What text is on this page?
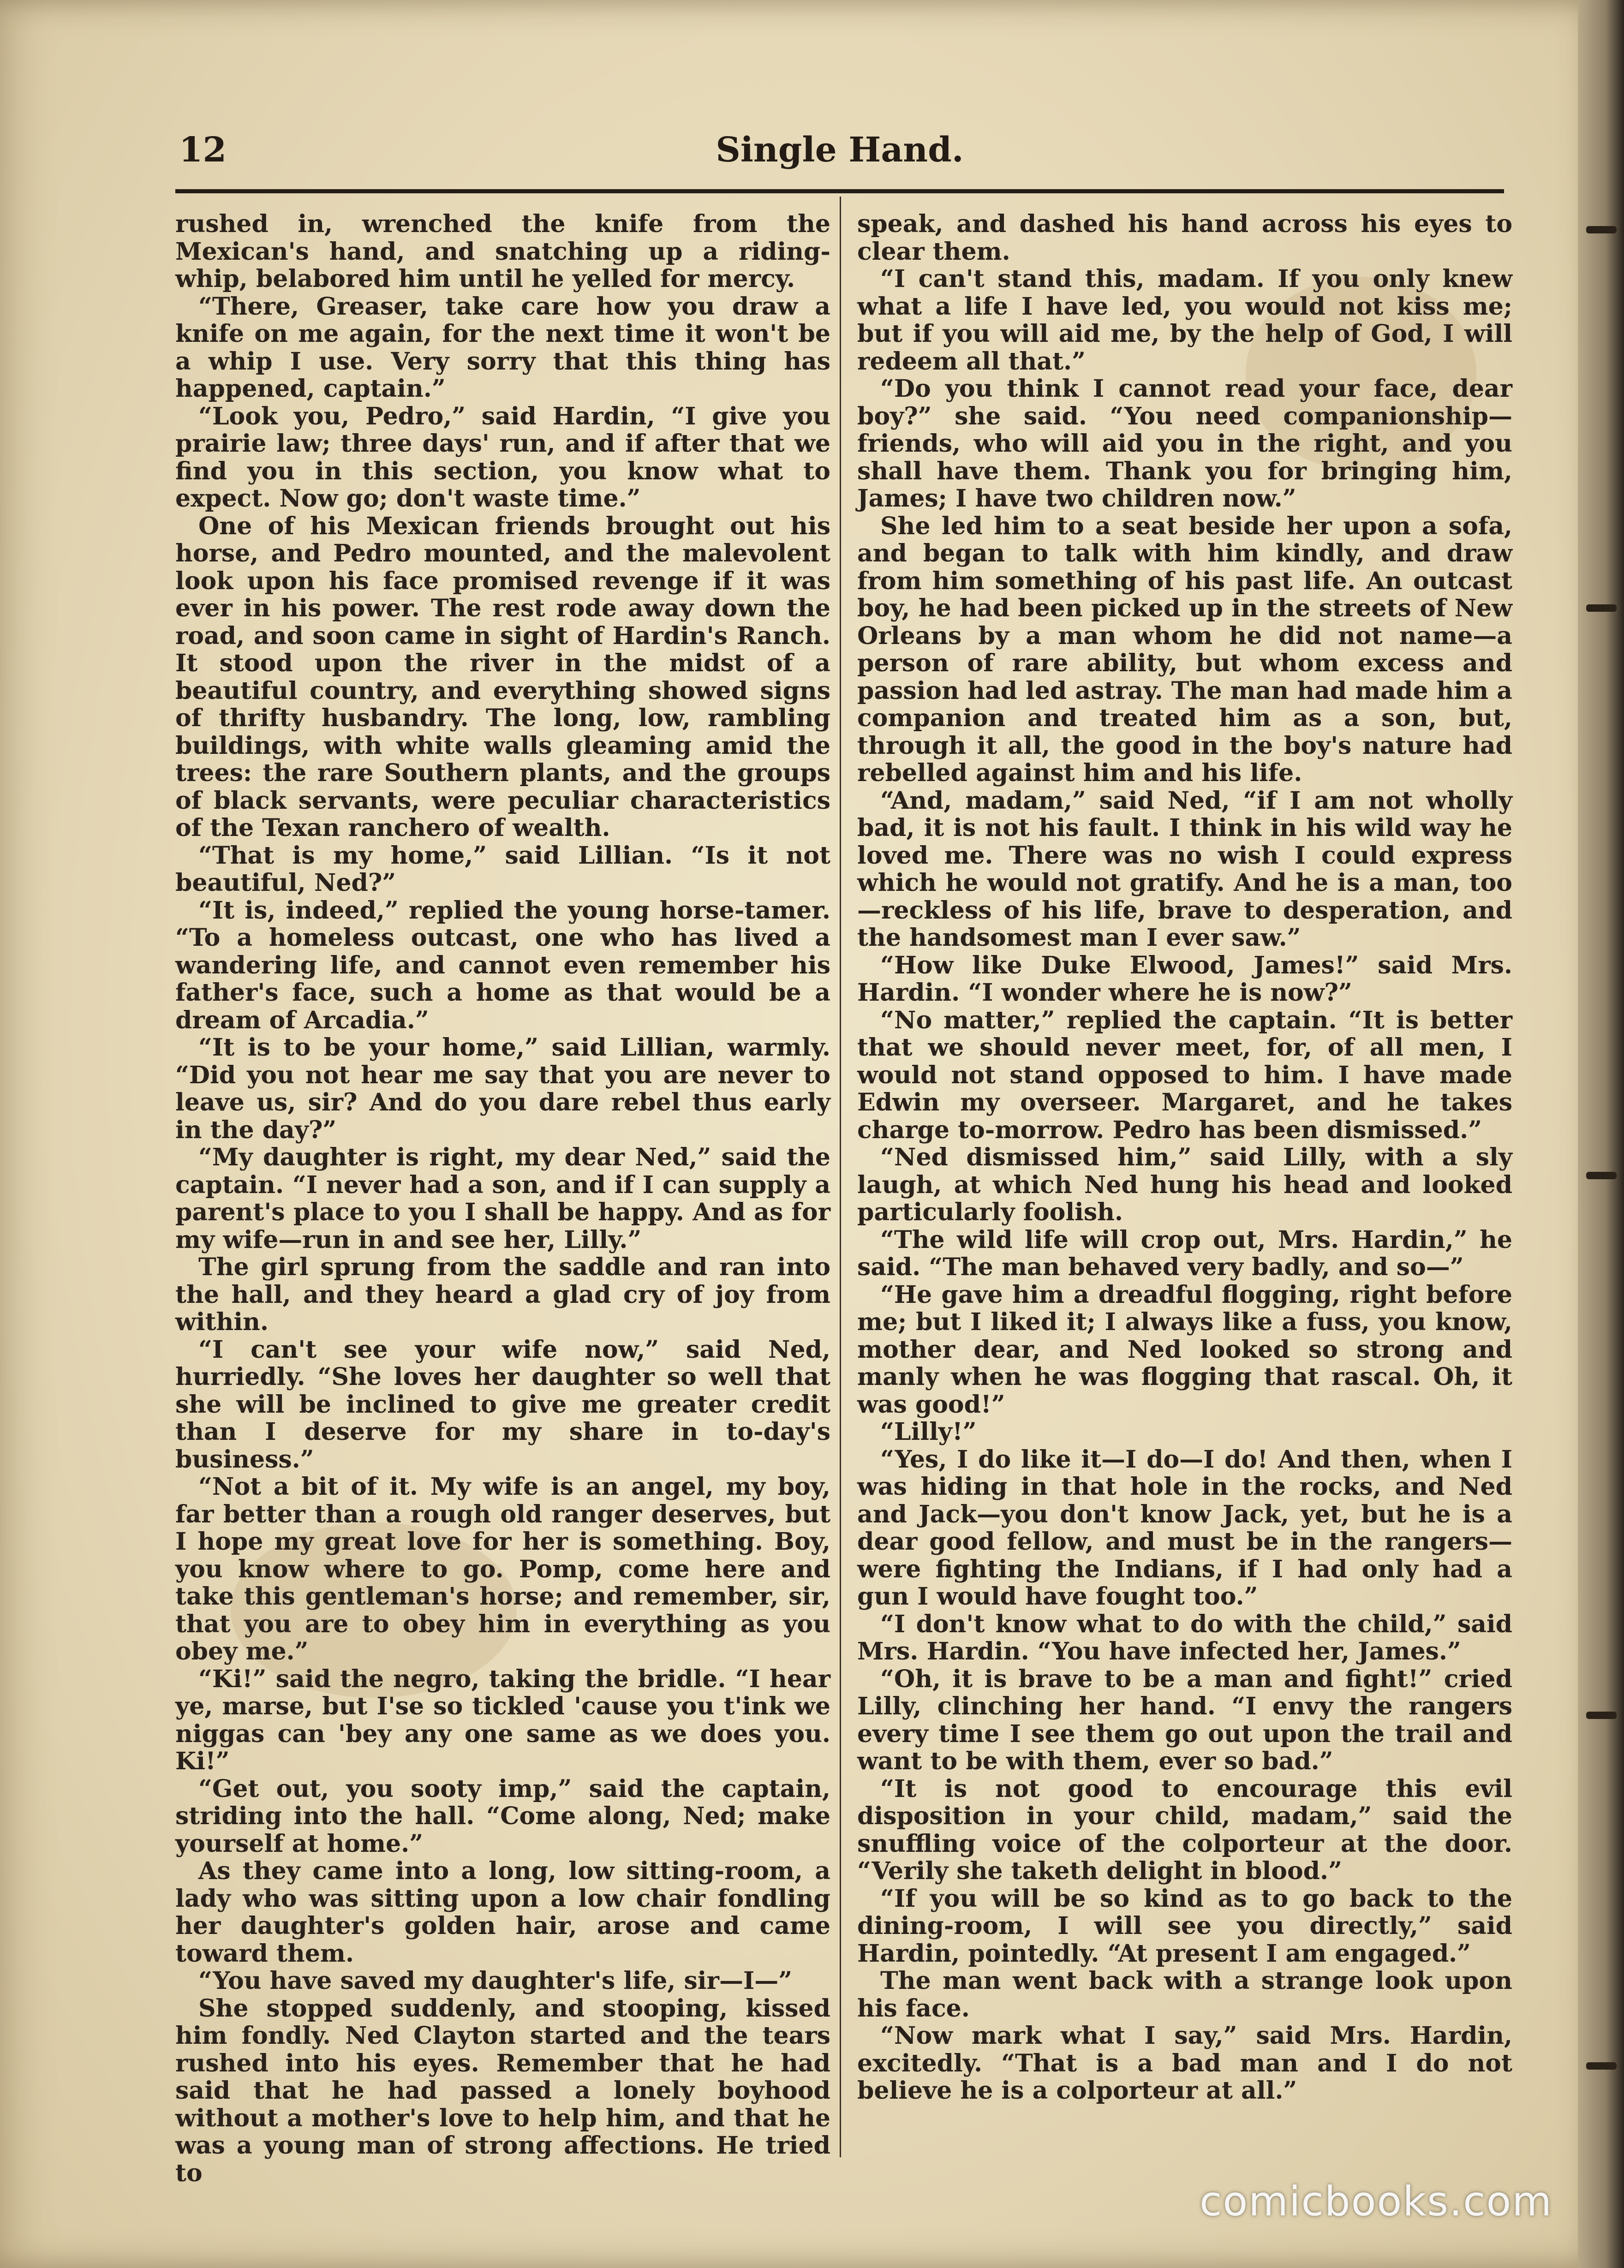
12	Single Hand.

rushed in, wrenched the knife from the Mexican's hand, and snatching up a riding-whip, belabored him until he yelled for mercy.

“There, Greaser, take care how you draw a knife on me again, for the next time it won't be a whip I use. Very sorry that this thing has happened, captain.”

“Look you, Pedro,” said Hardin, “I give you prairie law; three days' run, and if after that we find you in this section, you know what to expect. Now go; don't waste time.”

One of his Mexican friends brought out his horse, and Pedro mounted, and the malevolent look upon his face promised revenge if it was ever in his power. The rest rode away down the road, and soon came in sight of Hardin's Ranch. It stood upon the river in the midst of a beautiful country, and everything showed signs of thrifty husbandry. The long, low, rambling buildings, with white walls gleaming amid the trees: the rare Southern plants, and the groups of black servants, were peculiar characteristics of the Texan ranchero of wealth.

“That is my home,” said Lillian. “Is it not beautiful, Ned?”

“It is, indeed,” replied the young horse-tamer. “To a homeless outcast, one who has lived a wandering life, and cannot even remember his father's face, such a home as that would be a dream of Arcadia.”

“It is to be your home,” said Lillian, warmly. “Did you not hear me say that you are never to leave us, sir? And do you dare rebel thus early in the day?”

“My daughter is right, my dear Ned,” said the captain. “I never had a son, and if I can supply a parent's place to you I shall be happy. And as for my wife—run in and see her, Lilly.”

The girl sprung from the saddle and ran into the hall, and they heard a glad cry of joy from within.

“I can't see your wife now,” said Ned, hurriedly. “She loves her daughter so well that she will be inclined to give me greater credit than I deserve for my share in to-day's business.”

“Not a bit of it. My wife is an angel, my boy, far better than a rough old ranger deserves, but I hope my great love for her is something. Boy, you know where to go. Pomp, come here and take this gentleman's horse; and remember, sir, that you are to obey him in everything as you obey me.”

“Ki!” said the negro, taking the bridle. “I hear ye, marse, but I'se so tickled 'cause you t'ink we niggas can 'bey any one same as we does you. Ki!”

“Get out, you sooty imp,” said the captain, striding into the hall. “Come along, Ned; make yourself at home.”

As they came into a long, low sitting-room, a lady who was sitting upon a low chair fondling her daughter's golden hair, arose and came toward them.

“You have saved my daughter's life, sir—I—”

She stopped suddenly, and stooping, kissed him fondly. Ned Clayton started and the tears rushed into his eyes. Remember that he had said that he had passed a lonely boyhood without a mother's love to help him, and that he was a young man of strong affections. He tried to

speak, and dashed his hand across his eyes to clear them.

“I can't stand this, madam. If you only knew what a life I have led, you would not kiss me; but if you will aid me, by the help of God, I will redeem all that.”

“Do you think I cannot read your face, dear boy?” she said. “You need companionship—friends, who will aid you in the right, and you shall have them. Thank you for bringing him, James; I have two children now.”

She led him to a seat beside her upon a sofa, and began to talk with him kindly, and draw from him something of his past life. An outcast boy, he had been picked up in the streets of New Orleans by a man whom he did not name—a person of rare ability, but whom excess and passion had led astray. The man had made him a companion and treated him as a son, but, through it all, the good in the boy's nature had rebelled against him and his life.

“And, madam,” said Ned, “if I am not wholly bad, it is not his fault. I think in his wild way he loved me. There was no wish I could express which he would not gratify. And he is a man, too—reckless of his life, brave to desperation, and the handsomest man I ever saw.”

“How like Duke Elwood, James!” said Mrs. Hardin. “I wonder where he is now?”

“No matter,” replied the captain. “It is better that we should never meet, for, of all men, I would not stand opposed to him. I have made Edwin my overseer. Margaret, and he takes charge to-morrow. Pedro has been dismissed.”

“Ned dismissed him,” said Lilly, with a sly laugh, at which Ned hung his head and looked particularly foolish.

“The wild life will crop out, Mrs. Hardin,” he said. “The man behaved very badly, and so—”

“He gave him a dreadful flogging, right before me; but I liked it; I always like a fuss, you know, mother dear, and Ned looked so strong and manly when he was flogging that rascal. Oh, it was good!”

“Lilly!”

“Yes, I do like it—I do—I do! And then, when I was hiding in that hole in the rocks, and Ned and Jack—you don't know Jack, yet, but he is a dear good fellow, and must be in the rangers—were fighting the Indians, if I had only had a gun I would have fought too.”

“I don't know what to do with the child,” said Mrs. Hardin. “You have infected her, James.”

“Oh, it is brave to be a man and fight!” cried Lilly, clinching her hand. “I envy the rangers every time I see them go out upon the trail and want to be with them, ever so bad.”

“It is not good to encourage this evil disposition in your child, madam,” said the snuffling voice of the colporteur at the door. “Verily she taketh delight in blood.”

“If you will be so kind as to go back to the dining-room, I will see you directly,” said Hardin, pointedly. “At present I am engaged.”

The man went back with a strange look upon his face.

“Now mark what I say,” said Mrs. Hardin, excitedly. “That is a bad man and I do not believe he is a colporteur at all.”

comicbooks.com
